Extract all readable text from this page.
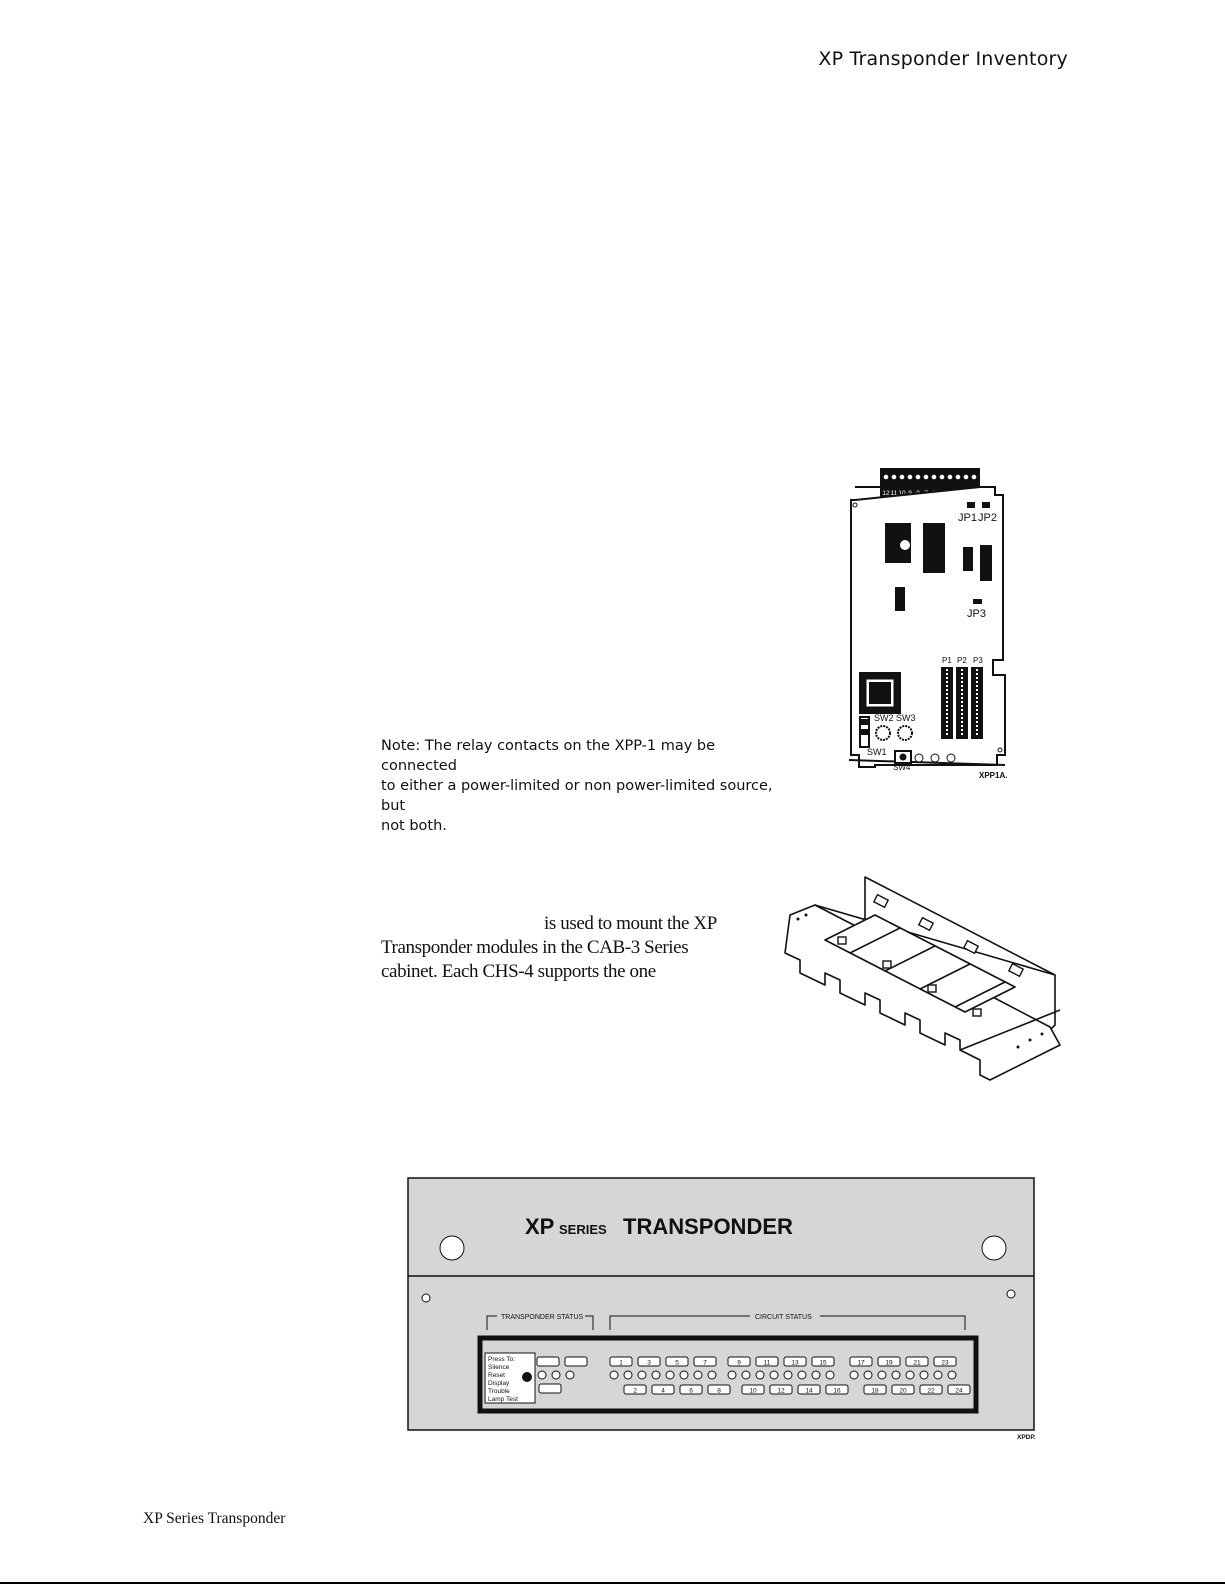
XP Transponder Inventory
12 11 10
JP1 JP2
JP3
P1 P2 P3
SW1
SW2 SW3
SW4
XPP1A.
Note: The relay contacts on the XPP-1 may be connected
to either a power-limited or non power-limited source, but
not both.
is used to mount the XP
Transponder modules in the CAB-3 Series
cabinet. Each CHS-4 supports the one
XP SERIES TRANSPONDER
TRANSPONDER STATUS	CIRCUIT STATUS
Press To: Silence Reset Display Trouble Lamp Test
1	3	5	7	9	11	13	15	17	19	21	23
2	4	6	8	10	12	14	16	18	20	22	24
XPDP.
XP Series Transponder
